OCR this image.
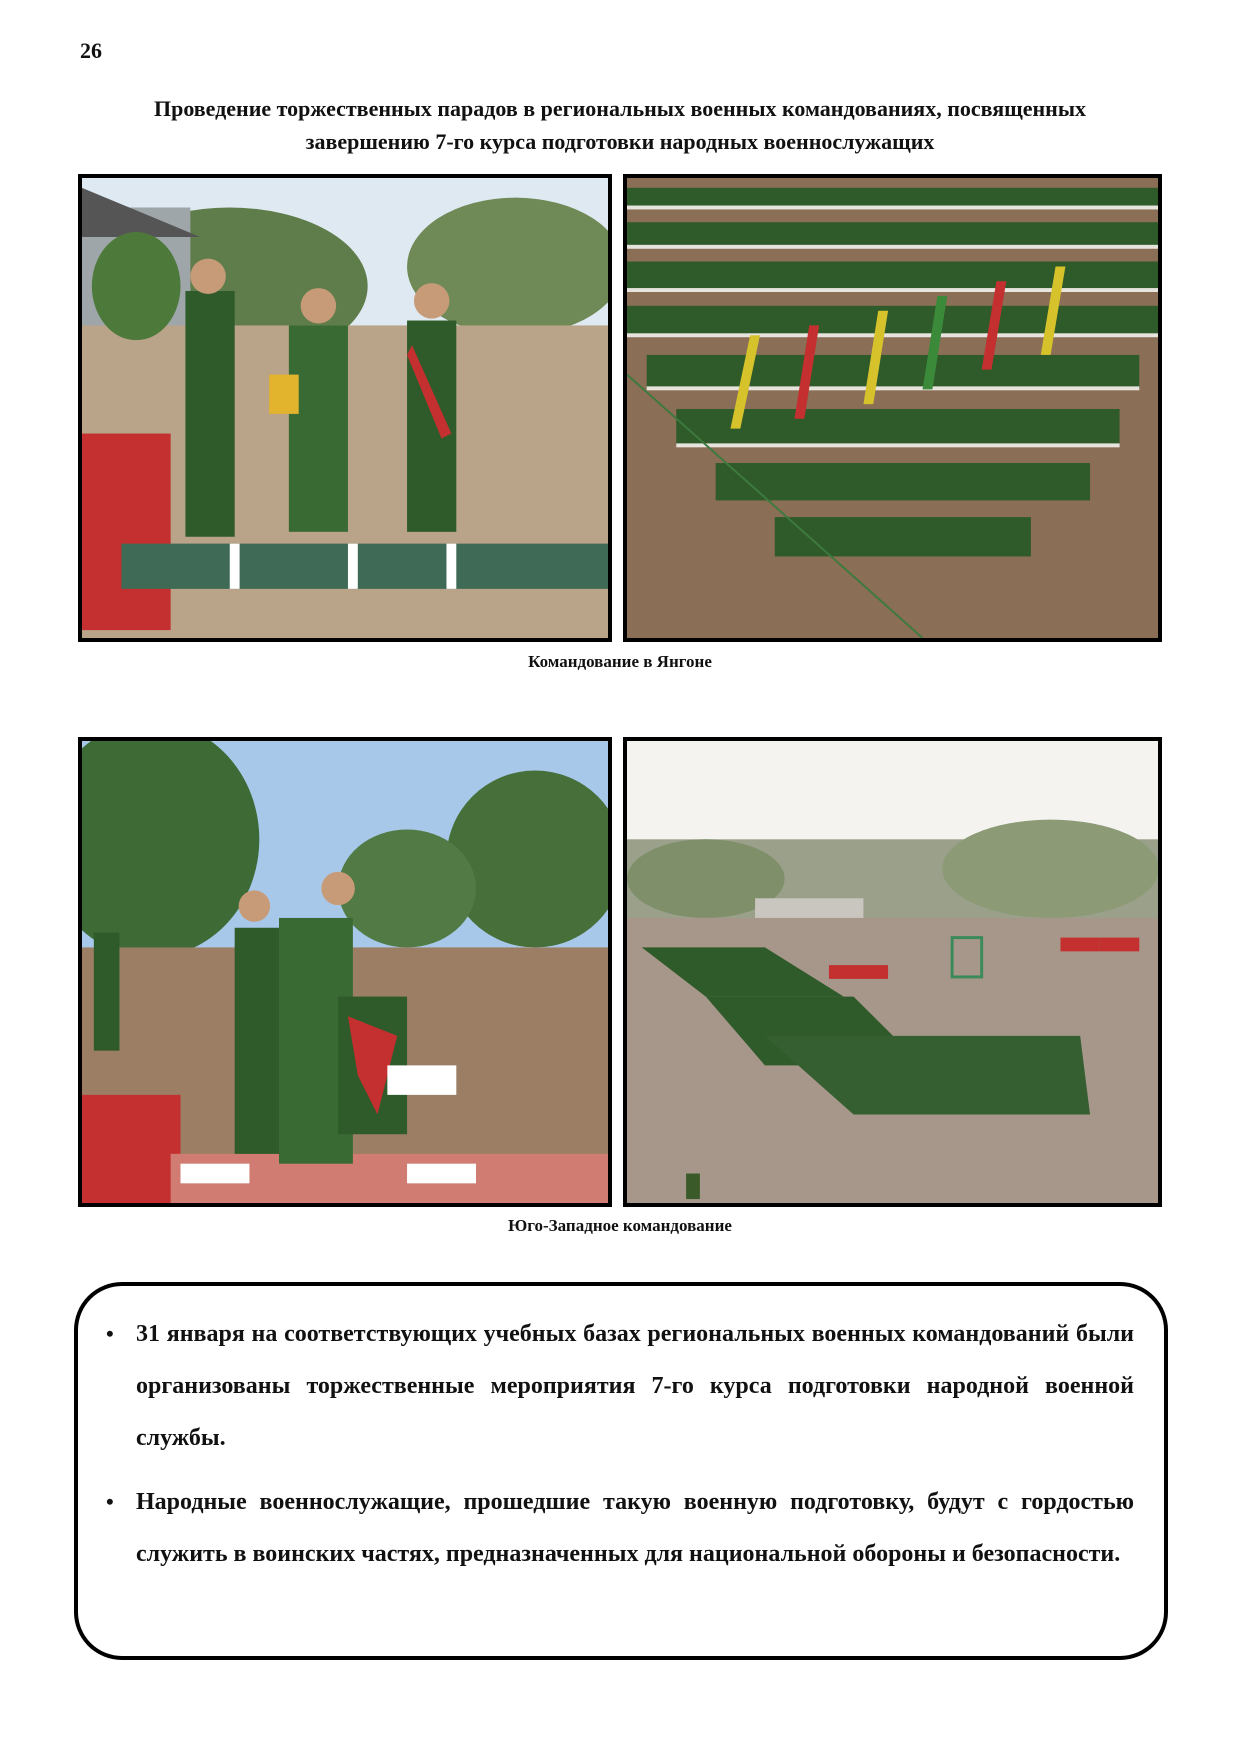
26
Проведение торжественных парадов в региональных военных командованиях, посвященных
завершению 7-го курса подготовки народных военнослужащих
Командование в Янгоне
Юго-Западное командование
• 31 января на соответствующих учебных базах региональных военных командований были организованы торжественные мероприятия 7-го курса подготовки народной военной службы.
• Народные военнослужащие, прошедшие такую военную подготовку, будут с гордостью служить в воинских частях, предназначенных для национальной обороны и безопасности.
